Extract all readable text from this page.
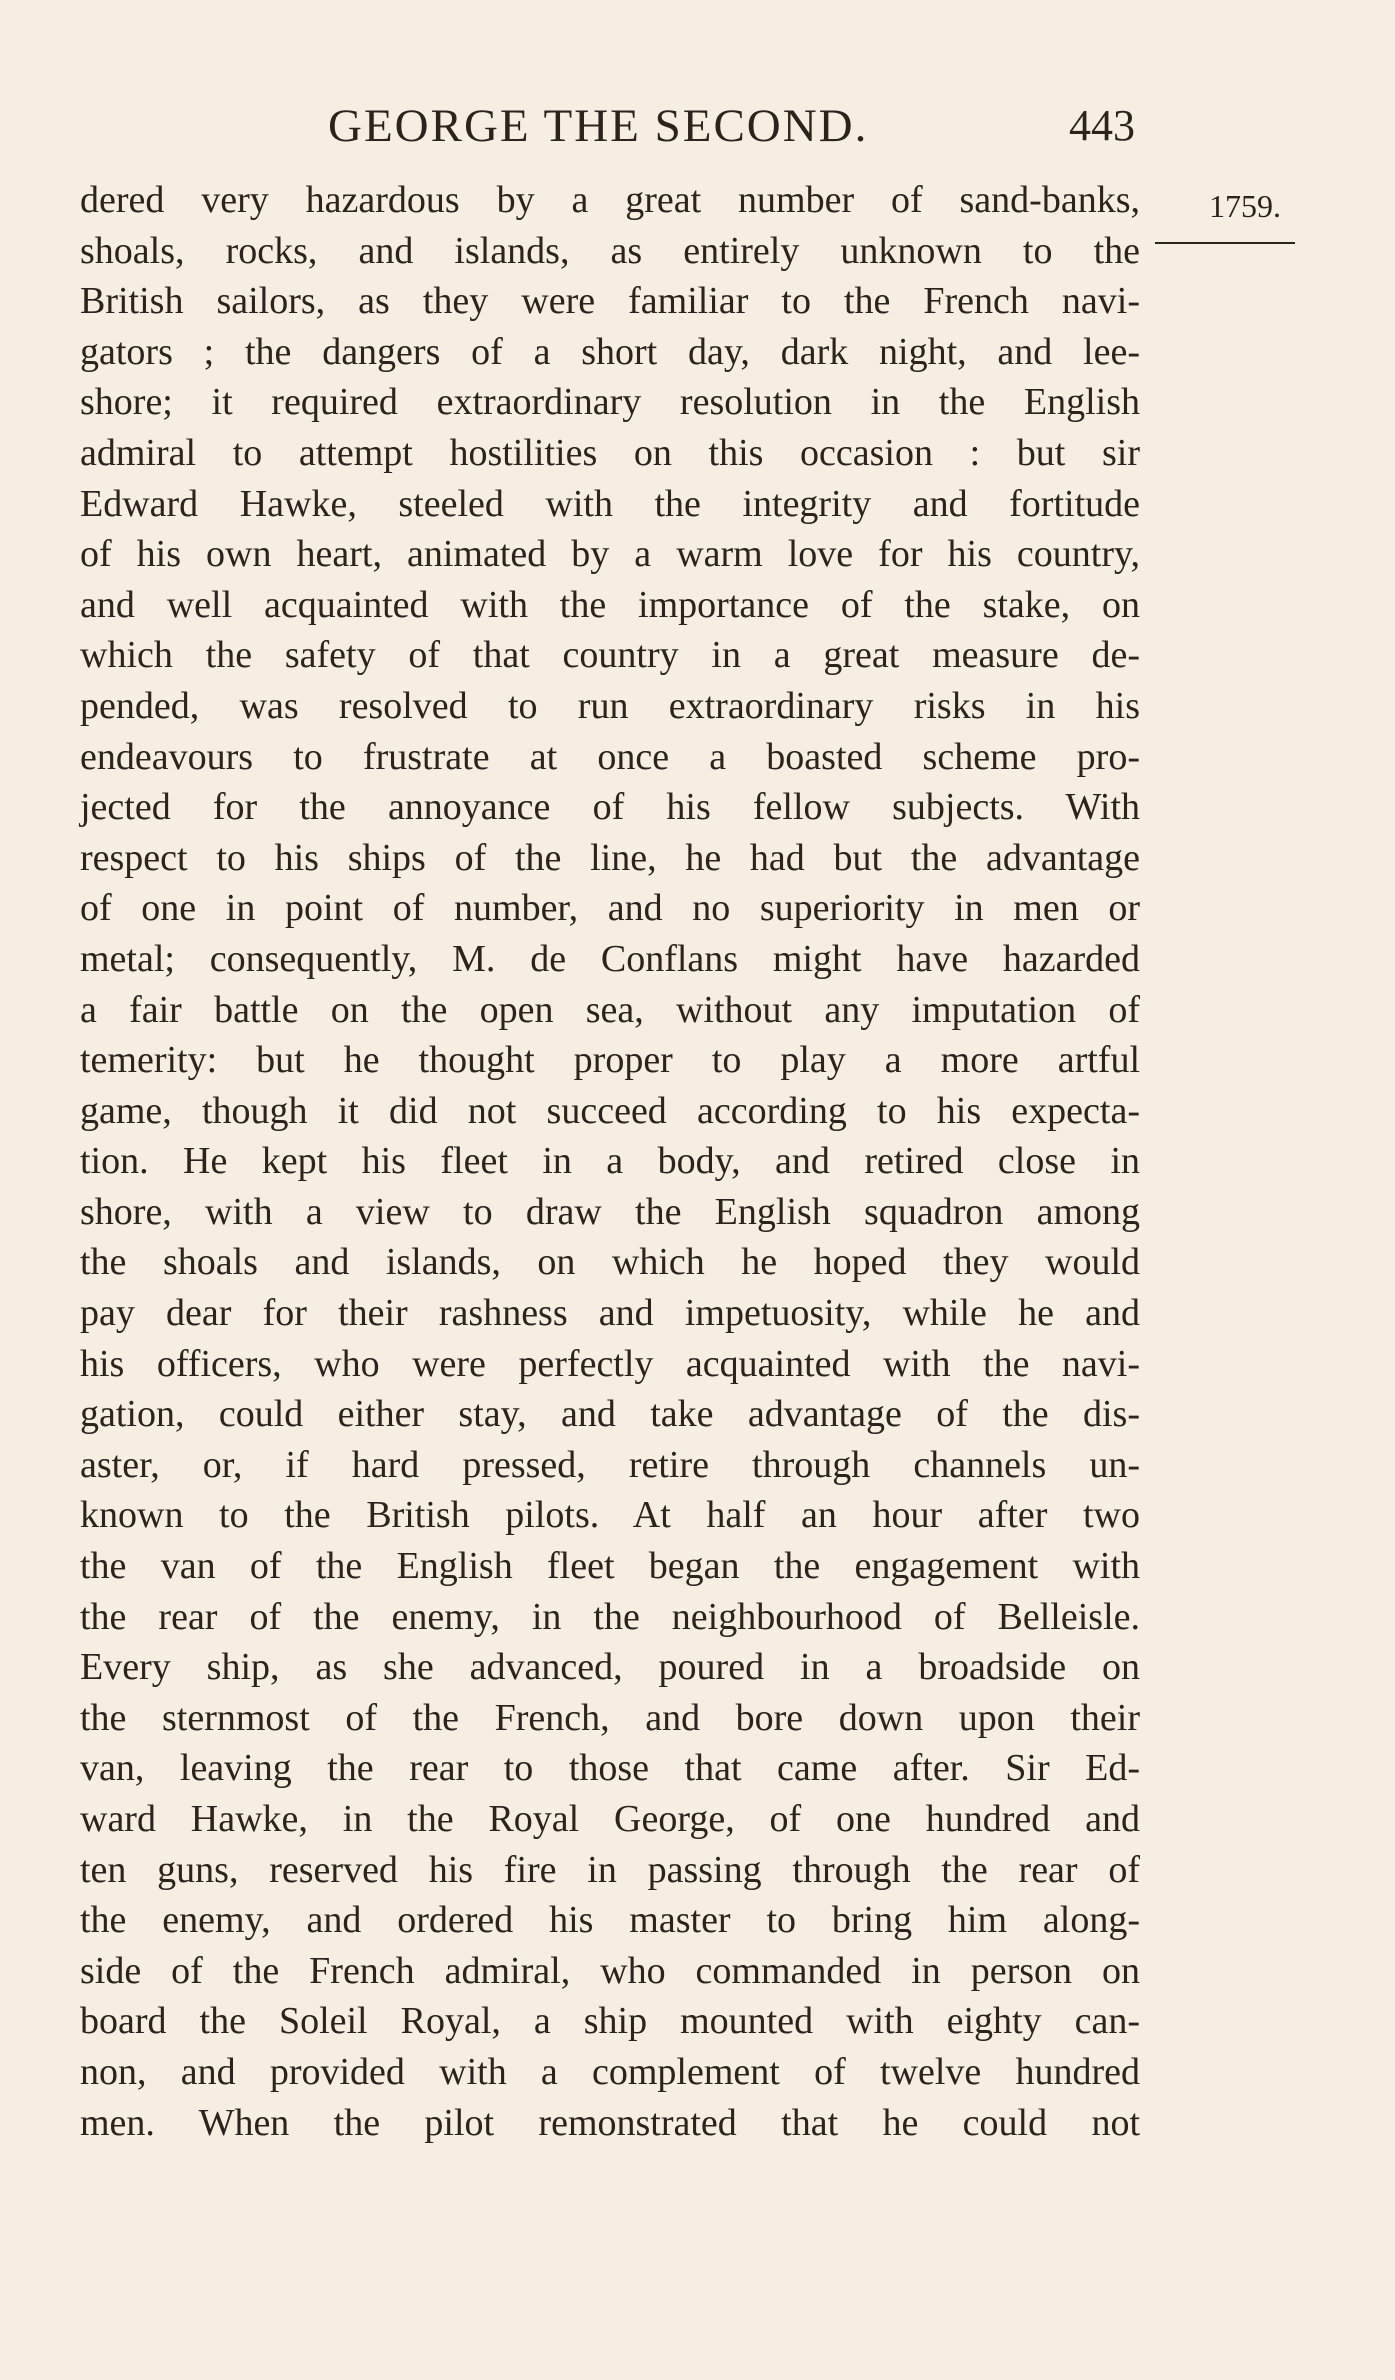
GEORGE THE SECOND.	443
1759.
dered very hazardous by a great number of sand-banks,
shoals, rocks, and islands, as entirely unknown to the
British sailors, as they were familiar to the French navi-
gators ; the dangers of a short day, dark night, and lee-
shore; it required extraordinary resolution in the English
admiral to attempt hostilities on this occasion : but sir
Edward Hawke, steeled with the integrity and fortitude
of his own heart, animated by a warm love for his country,
and well acquainted with the importance of the stake, on
which the safety of that country in a great measure de-
pended, was resolved to run extraordinary risks in his
endeavours to frustrate at once a boasted scheme pro-
jected for the annoyance of his fellow subjects. With
respect to his ships of the line, he had but the advantage
of one in point of number, and no superiority in men or
metal; consequently, M. de Conflans might have hazarded
a fair battle on the open sea, without any imputation of
temerity: but he thought proper to play a more artful
game, though it did not succeed according to his expecta-
tion. He kept his fleet in a body, and retired close in
shore, with a view to draw the English squadron among
the shoals and islands, on which he hoped they would
pay dear for their rashness and impetuosity, while he and
his officers, who were perfectly acquainted with the navi-
gation, could either stay, and take advantage of the dis-
aster, or, if hard pressed, retire through channels un-
known to the British pilots. At half an hour after two
the van of the English fleet began the engagement with
the rear of the enemy, in the neighbourhood of Belleisle.
Every ship, as she advanced, poured in a broadside on
the sternmost of the French, and bore down upon their
van, leaving the rear to those that came after. Sir Ed-
ward Hawke, in the Royal George, of one hundred and
ten guns, reserved his fire in passing through the rear of
the enemy, and ordered his master to bring him along-
side of the French admiral, who commanded in person on
board the Soleil Royal, a ship mounted with eighty can-
non, and provided with a complement of twelve hundred
men. When the pilot remonstrated that he could not
